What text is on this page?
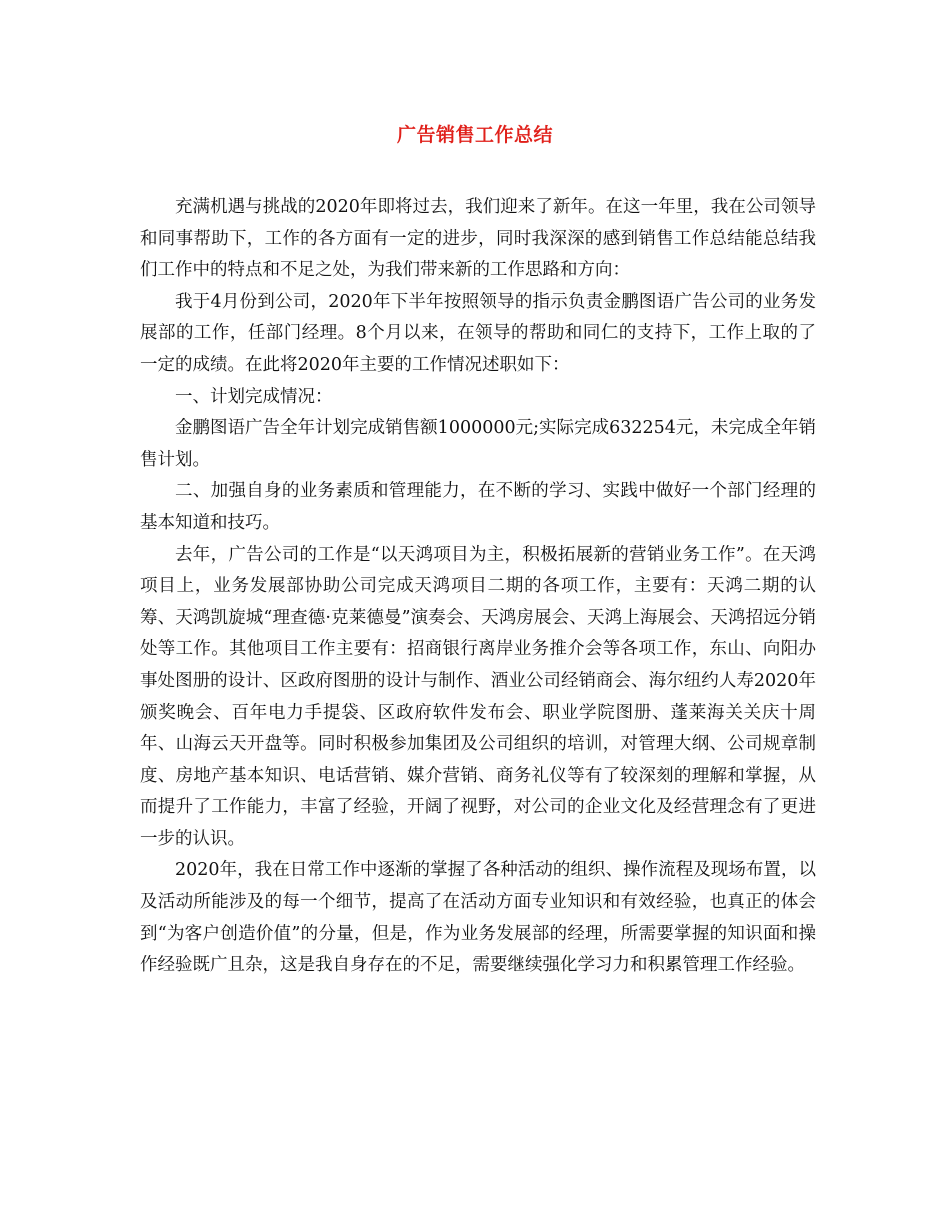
广告销售工作总结

充满机遇与挑战的2020年即将过去，我们迎来了新年。在这一年里，我在公司领导和同事帮助下，工作的各方面有一定的进步，同时我深深的感到销售工作总结能总结我们工作中的特点和不足之处，为我们带来新的工作思路和方向：

我于4月份到公司，2020年下半年按照领导的指示负责金鹏图语广告公司的业务发展部的工作，任部门经理。8个月以来，在领导的帮助和同仁的支持下，工作上取的了一定的成绩。在此将2020年主要的工作情况述职如下：

一、计划完成情况：

金鹏图语广告全年计划完成销售额1000000元;实际完成632254元，未完成全年销售计划。

二、加强自身的业务素质和管理能力，在不断的学习、实践中做好一个部门经理的基本知道和技巧。

去年，广告公司的工作是“以天鸿项目为主，积极拓展新的营销业务工作”。在天鸿项目上，业务发展部协助公司完成天鸿项目二期的各项工作，主要有：天鸿二期的认筹、天鸿凯旋城“理查德·克莱德曼”演奏会、天鸿房展会、天鸿上海展会、天鸿招远分销处等工作。其他项目工作主要有：招商银行离岸业务推介会等各项工作，东山、向阳办事处图册的设计、区政府图册的设计与制作、酒业公司经销商会、海尔纽约人寿2020年颁奖晚会、百年电力手提袋、区政府软件发布会、职业学院图册、蓬莱海关关庆十周年、山海云天开盘等。同时积极参加集团及公司组织的培训，对管理大纲、公司规章制度、房地产基本知识、电话营销、媒介营销、商务礼仪等有了较深刻的理解和掌握，从而提升了工作能力，丰富了经验，开阔了视野，对公司的企业文化及经营理念有了更进一步的认识。

2020年，我在日常工作中逐渐的掌握了各种活动的组织、操作流程及现场布置，以及活动所能涉及的每一个细节，提高了在活动方面专业知识和有效经验，也真正的体会到“为客户创造价值”的分量，但是，作为业务发展部的经理，所需要掌握的知识面和操作经验既广且杂，这是我自身存在的不足，需要继续强化学习力和积累管理工作经验。
